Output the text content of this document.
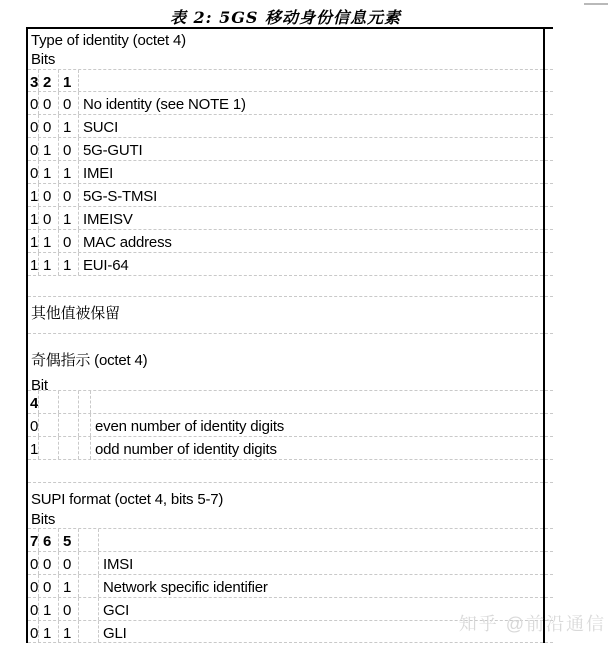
表 2: 5GS 移动身份信息元素
Type of identity (octet 4)
Bits
3 2 1
0 0 0 No identity (see NOTE 1)
0 0 1 SUCI
0 1 0 5G-GUTI
0 1 1 IMEI
1 0 0 5G-S-TMSI
1 0 1 IMEISV
1 1 0 MAC address
1 1 1 EUI-64
其他值被保留
奇偶指示 (octet 4)
Bit
4
0	even number of identity digits
1	odd number of identity digits
SUPI format (octet 4, bits 5-7)
Bits
7 6 5
0 0 0	IMSI
0 0 1	Network specific identifier
0 1 0	GCI
0 1 1	GLI	知乎 @前沿通信
